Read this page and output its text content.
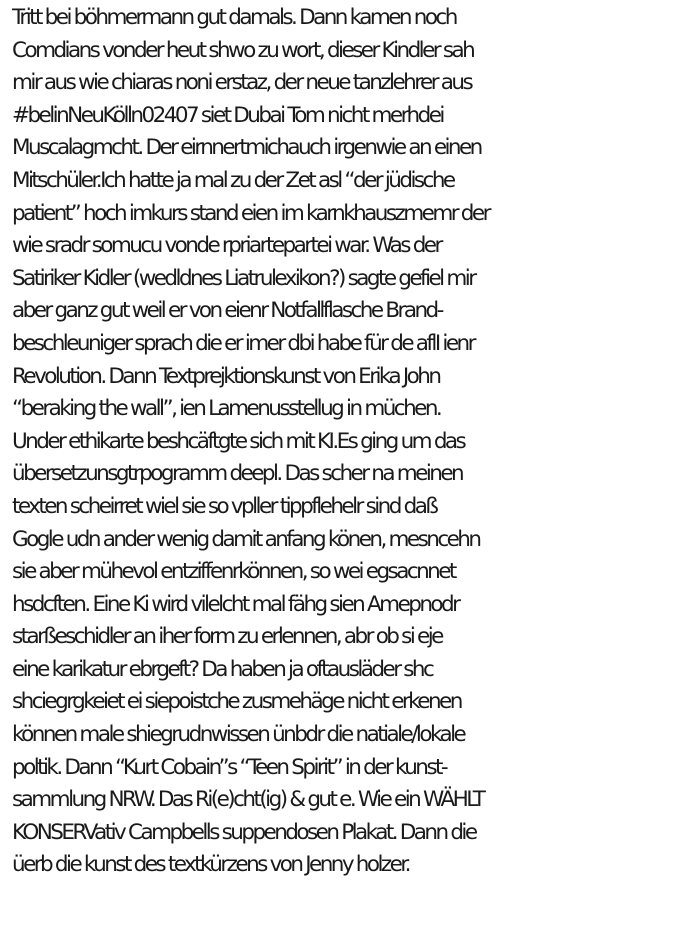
Tritt bei böhmermann gut damals. Dann kamen noch
Comdians vonder heut shwo zu wort, dieser Kindler sah
mir aus wie chiaras noni erstaz, der neue tanzlehrer aus
#belinNeuKölln02407 siet Dubai Tom nicht merhdei
Muscalagmcht. Der eirnnertmichauch irgenwie an einen
Mitschüler.Ich hatte ja mal zu der Zet asl “der jüdische
patient” hoch imkurs stand eien im karnkhauszmemr der
wie sradr somucu vonde rpriartepartei war. Was der
Satiriker Kidler (wedldnes Liatrulexikon?) sagte gefiel mir
aber ganz gut weil er von eienr Notfallflasche Brand-
beschleuniger sprach die er imer dbi habe für de aflI ienr
Revolution. Dann Textprejktionskunst von Erika John
“beraking the wall”, ien Lamenusstellug in müchen.
Under ethikarte beshcäftgte sich mit KI.Es ging um das
übersetzunsgtrpogramm deepl. Das scher na meinen
texten scheirret wiel sie so vpller tippflehelr sind daß
Gogle udn ander wenig damit anfang könen, mesncehn
sie aber mühevol entziffenrkönnen, so wei egsacnnet
hsdcften. Eine Ki wird vilelcht mal fähg sien Amepnodr
starßeschidler an iher form zu erlennen, abr ob si eje
eine karikatur ebrgeft? Da haben ja oftausläder shc
shciegrgkeiet ei siepoistche zusmehäge nicht erkenen
können male shiegrudnwissen ünbdr die natiale/lokale
poltik. Dann “Kurt Cobain”s “Teen Spirit” in der kunst-
sammlung NRW. Das Ri(e)cht(ig) & gut e. Wie ein WÄHLT
KONSERVativ Campbells suppendosen Plakat. Dann die
üerb die kunst des textkürzens von Jenny holzer.
